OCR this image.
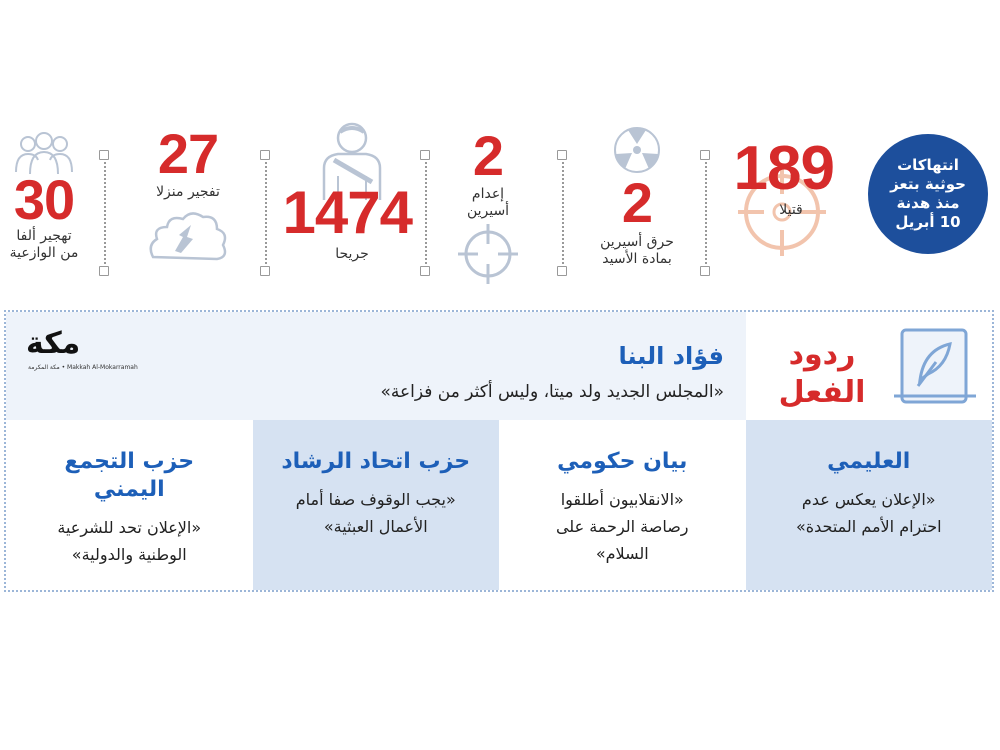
انتهاكات
حوثية بتعز
منذ هدنة
10 أبريل
189
قتيلا
2
حرق أسيرين
بمادة الأسيد
2
إعدام
أسيرين
1474
جريحا
27
تفجير منزلا
30
تهجير ألفا
من الوازعية
مكة
Makkah Al-Mokarramah • مكة المكرمة	فؤاد البنا
«المجلس الجديد ولد ميتا، وليس أكثر من فزاعة»
ردود
الفعل
العليمي
«الإعلان يعكس عدم
احترام الأمم المتحدة»
بيان حكومي
«الانقلابيون أطلقوا
رصاصة الرحمة على
السلام»
حزب اتحاد الرشاد
«يجب الوقوف صفا أمام
الأعمال العبثية»
حزب التجمع
اليمني
«الإعلان تحد للشرعية
الوطنية والدولية»
